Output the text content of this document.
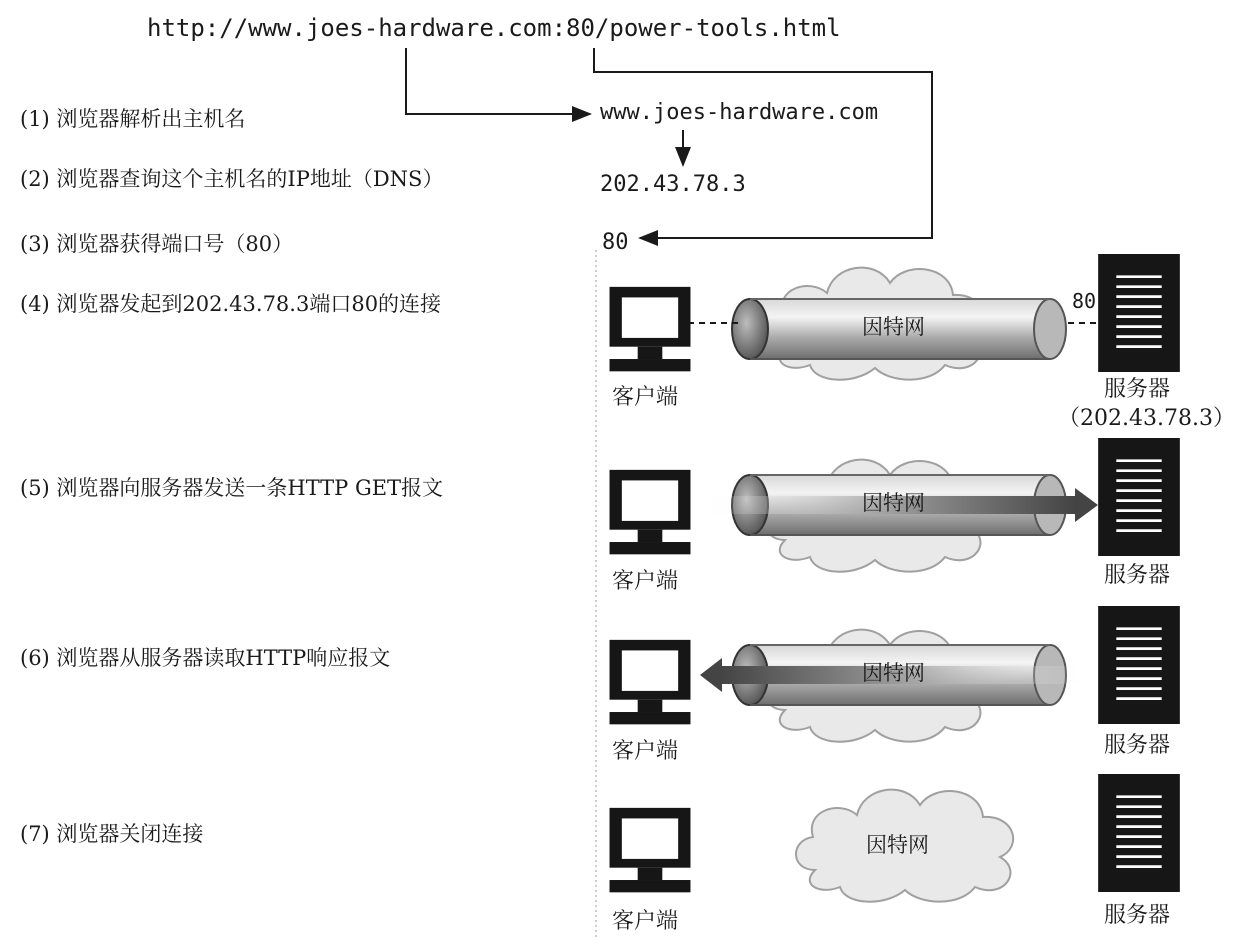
http://www.joes-hardware.com:80/power-tools.html
(1) 浏览器解析出主机名
(2) 浏览器查询这个主机名的IP地址（DNS）
(3) 浏览器获得端口号（80）
(4) 浏览器发起到202.43.78.3端口80的连接
(5) 浏览器向服务器发送一条HTTP GET报文
(6) 浏览器从服务器读取HTTP响应报文
(7) 浏览器关闭连接
www.joes-hardware.com
202.43.78.3
80
因特网
客户端	服务器
（202.43.78.3）
80
因特网
客户端	服务器
因特网
客户端	服务器
因特网
客户端	服务器
